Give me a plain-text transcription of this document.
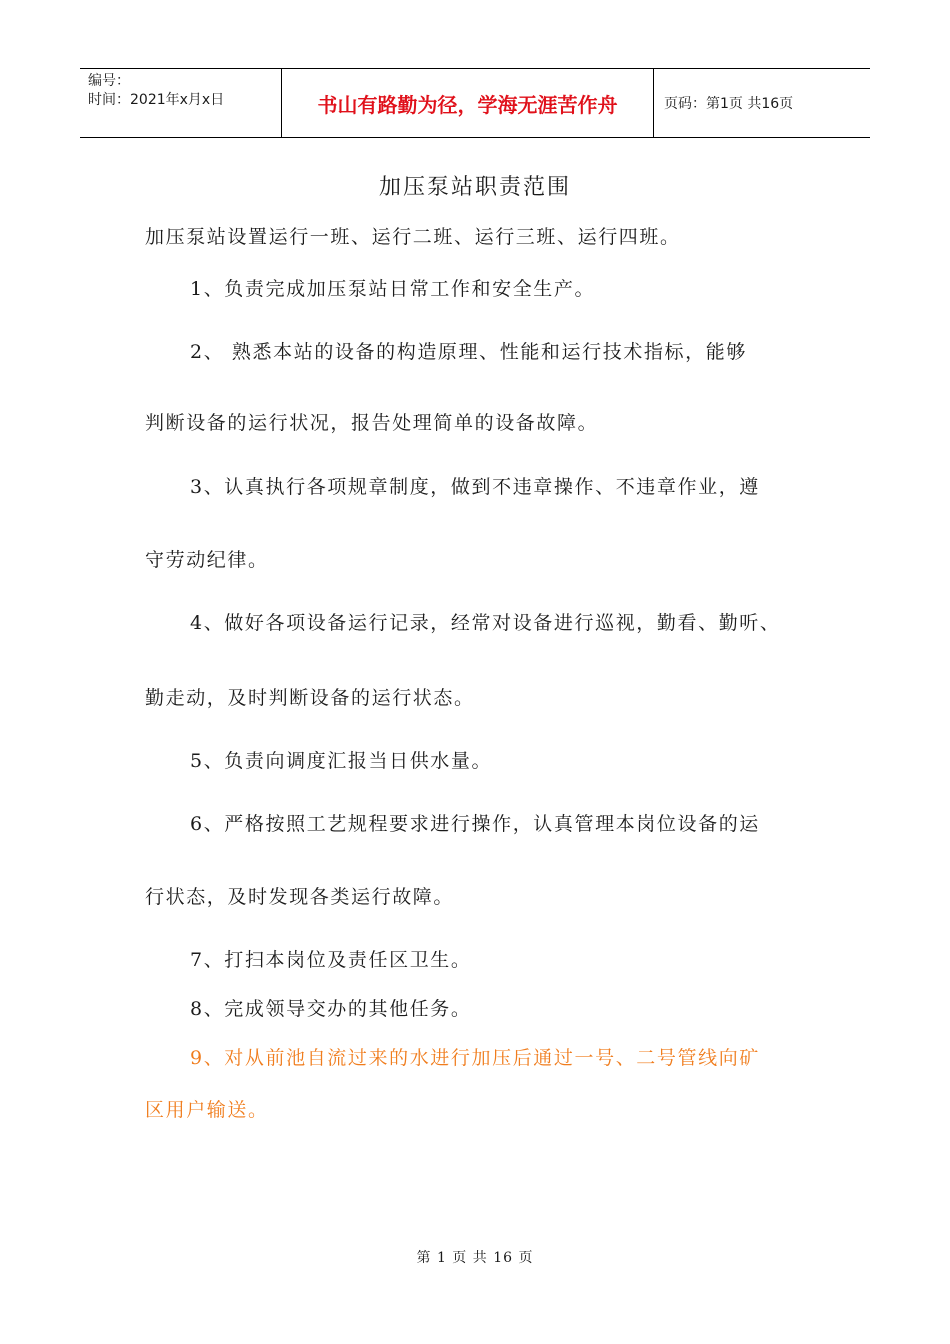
编号：
时间：2021年x月x日	书山有路勤为径，学海无涯苦作舟	页码：第1页 共16页
加压泵站职责范围
加压泵站设置运行一班、运行二班、运行三班、运行四班。
1、负责完成加压泵站日常工作和安全生产。
2、 熟悉本站的设备的构造原理、性能和运行技术指标，能够
判断设备的运行状况，报告处理简单的设备故障。
3、认真执行各项规章制度，做到不违章操作、不违章作业，遵
守劳动纪律。
4、做好各项设备运行记录，经常对设备进行巡视，勤看、勤听、
勤走动，及时判断设备的运行状态。
5、负责向调度汇报当日供水量。
6、严格按照工艺规程要求进行操作，认真管理本岗位设备的运
行状态，及时发现各类运行故障。
7、打扫本岗位及责任区卫生。
8、完成领导交办的其他任务。
9、对从前池自流过来的水进行加压后通过一号、二号管线向矿
区用户输送。
第 1 页 共 16 页
